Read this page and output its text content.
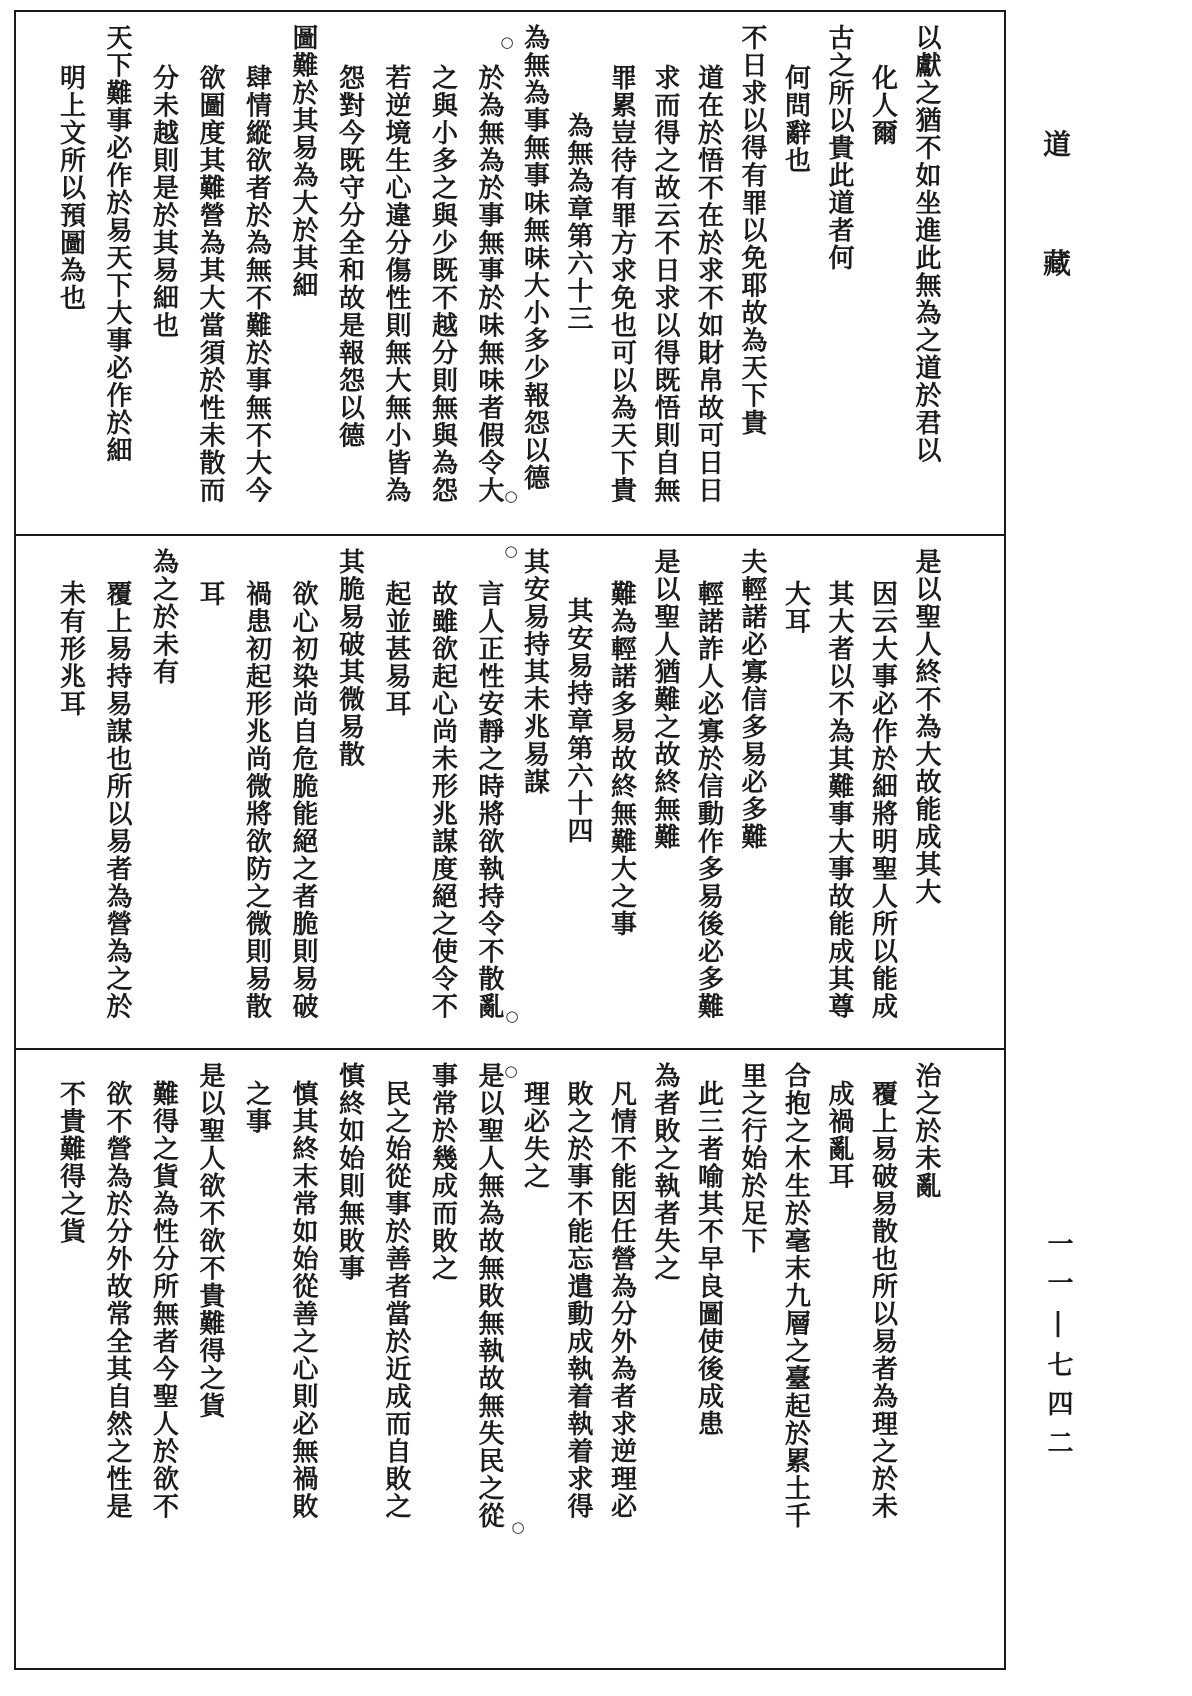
道
藏
一一|七四二
以獻之猶不如坐進此無為之道於君以
化人爾
古之所以貴此道者何
何問辭也
不日求以得有罪以免耶故為天下貴
道在於悟不在於求不如財帛故可日日
求而得之故云不日求以得既悟則自無
罪累豈待有罪方求免也可以為天下貴
為無為章第六十三
為無為事無事味無味大小多少報怨以德
於為無為於事無事於味無味者假令大
之與小多之與少既不越分則無與為怨
若逆境生心違分傷性則無大無小皆為
怨對今既守分全和故是報怨以德
圖難於其易為大於其細
肆情縱欲者於為無不難於事無不大今
欲圖度其難營為其大當須於性未散而
分未越則是於其易細也
天下難事必作於易天下大事必作於細
明上文所以預圖為也
是以聖人終不為大故能成其大
因云大事必作於細將明聖人所以能成
其大者以不為其難事大事故能成其尊
大耳
夫輕諾必寡信多易必多難
輕諾詐人必寡於信動作多易後必多難
是以聖人猶難之故終無難
難為輕諾多易故終無難大之事
其安易持章第六十四
其安易持其未兆易謀
言人正性安靜之時將欲執持令不散亂
故雖欲起心尚未形兆謀度絕之使令不
起並甚易耳
其脆易破其微易散
欲心初染尚自危脆能絕之者脆則易破
禍患初起形兆尚微將欲防之微則易散
耳
為之於未有
覆上易持易謀也所以易者為營為之於
未有形兆耳
治之於未亂
覆上易破易散也所以易者為理之於未
成禍亂耳
合抱之木生於毫末九層之臺起於累土千
里之行始於足下
此三者喻其不早良圖使後成患
為者敗之執者失之
凡情不能因任營為分外為者求逆理必
敗之於事不能忘遣動成執着執着求得
理必失之
是以聖人無為故無敗無執故無失民之從
事常於幾成而敗之
民之始從事於善者當於近成而自敗之
慎終如始則無敗事
慎其終末常如始從善之心則必無禍敗
之事
是以聖人欲不欲不貴難得之貨
難得之貨為性分所無者今聖人於欲不
欲不營為於分外故常全其自然之性是
不貴難得之貨
○
○
○
○
○
○
